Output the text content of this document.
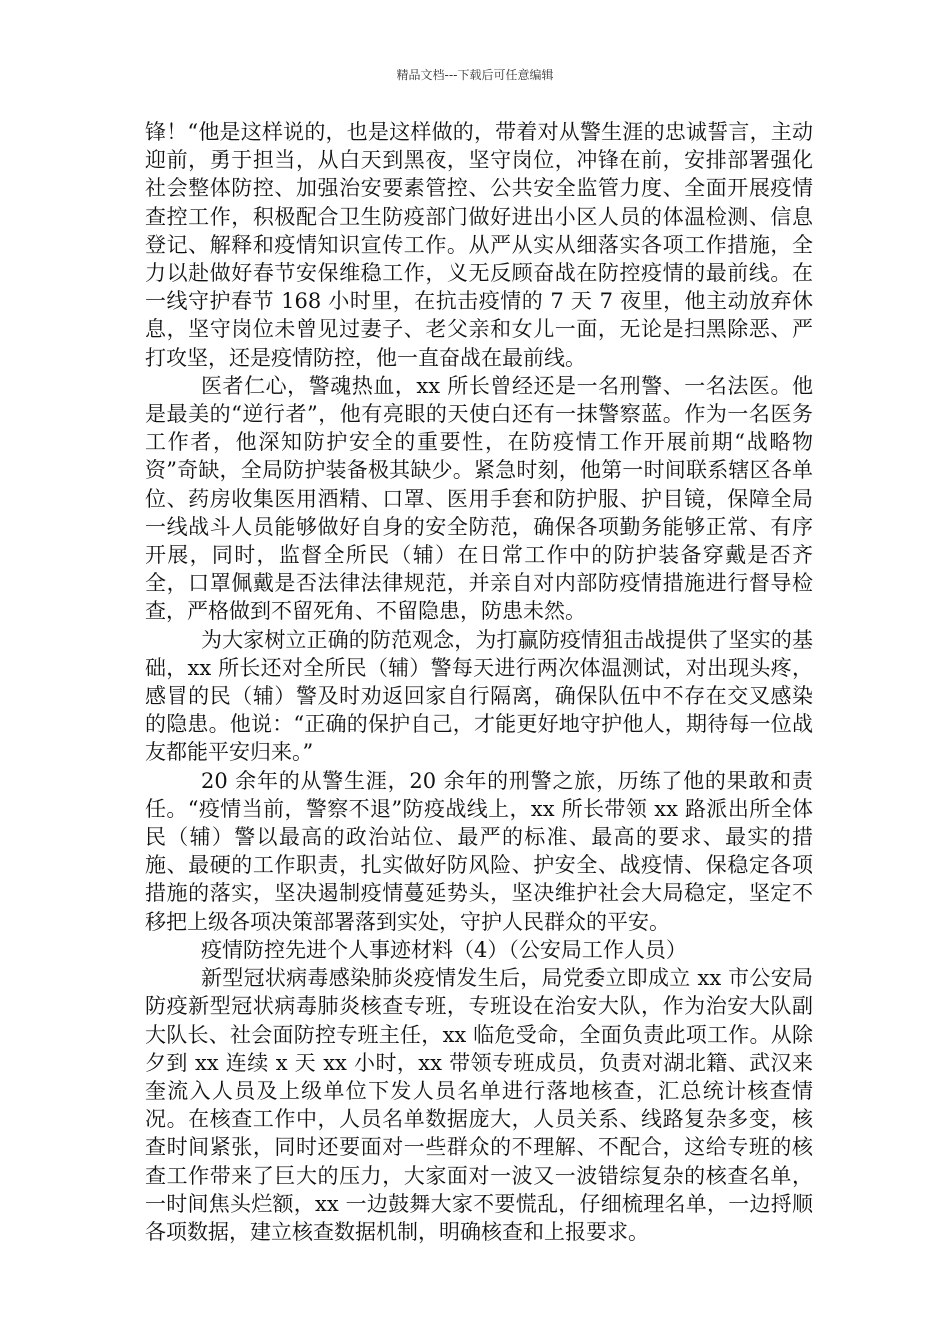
精品文档---下载后可任意编辑

锋！“他是这样说的，也是这样做的，带着对从警生涯的忠诚誓言，主动迎前，勇于担当，从白天到黑夜，坚守岗位，冲锋在前，安排部署强化社会整体防控、加强治安要素管控、公共安全监管力度、全面开展疫情查控工作，积极配合卫生防疫部门做好进出小区人员的体温检测、信息登记、解释和疫情知识宣传工作。从严从实从细落实各项工作措施，全力以赴做好春节安保维稳工作，义无反顾奋战在防控疫情的最前线。在一线守护春节 168 小时里，在抗击疫情的 7 天 7 夜里，他主动放弃休息，坚守岗位未曾见过妻子、老父亲和女儿一面，无论是扫黑除恶、严打攻坚，还是疫情防控，他一直奋战在最前线。

医者仁心，警魂热血，xx 所长曾经还是一名刑警、一名法医。他是最美的“逆行者”，他有亮眼的天使白还有一抹警察蓝。作为一名医务工作者，他深知防护安全的重要性，在防疫情工作开展前期“战略物资”奇缺，全局防护装备极其缺少。紧急时刻，他第一时间联系辖区各单位、药房收集医用酒精、口罩、医用手套和防护服、护目镜，保障全局一线战斗人员能够做好自身的安全防范，确保各项勤务能够正常、有序开展，同时，监督全所民（辅）在日常工作中的防护装备穿戴是否齐全，口罩佩戴是否法律法律规范，并亲自对内部防疫情措施进行督导检查，严格做到不留死角、不留隐患，防患未然。

为大家树立正确的防范观念，为打赢防疫情狙击战提供了坚实的基础，xx 所长还对全所民（辅）警每天进行两次体温测试，对出现头疼，感冒的民（辅）警及时劝返回家自行隔离，确保队伍中不存在交叉感染的隐患。他说：“正确的保护自己，才能更好地守护他人，期待每一位战友都能平安归来。”

20 余年的从警生涯，20 余年的刑警之旅，历练了他的果敢和责任。“疫情当前，警察不退”防疫战线上，xx 所长带领 xx 路派出所全体民（辅）警以最高的政治站位、最严的标准、最高的要求、最实的措施、最硬的工作职责，扎实做好防风险、护安全、战疫情、保稳定各项措施的落实，坚决遏制疫情蔓延势头，坚决维护社会大局稳定，坚定不移把上级各项决策部署落到实处，守护人民群众的平安。

疫情防控先进个人事迹材料（4）（公安局工作人员）

新型冠状病毒感染肺炎疫情发生后，局党委立即成立 xx 市公安局防疫新型冠状病毒肺炎核查专班，专班设在治安大队，作为治安大队副大队长、社会面防控专班主任，xx 临危受命，全面负责此项工作。从除夕到 xx 连续 x 天 xx 小时，xx 带领专班成员，负责对湖北籍、武汉来奎流入人员及上级单位下发人员名单进行落地核查，汇总统计核查情况。在核查工作中，人员名单数据庞大，人员关系、线路复杂多变，核查时间紧张，同时还要面对一些群众的不理解、不配合，这给专班的核查工作带来了巨大的压力，大家面对一波又一波错综复杂的核查名单，一时间焦头烂额，xx 一边鼓舞大家不要慌乱，仔细梳理名单，一边捋顺各项数据，建立核查数据机制，明确核查和上报要求。
